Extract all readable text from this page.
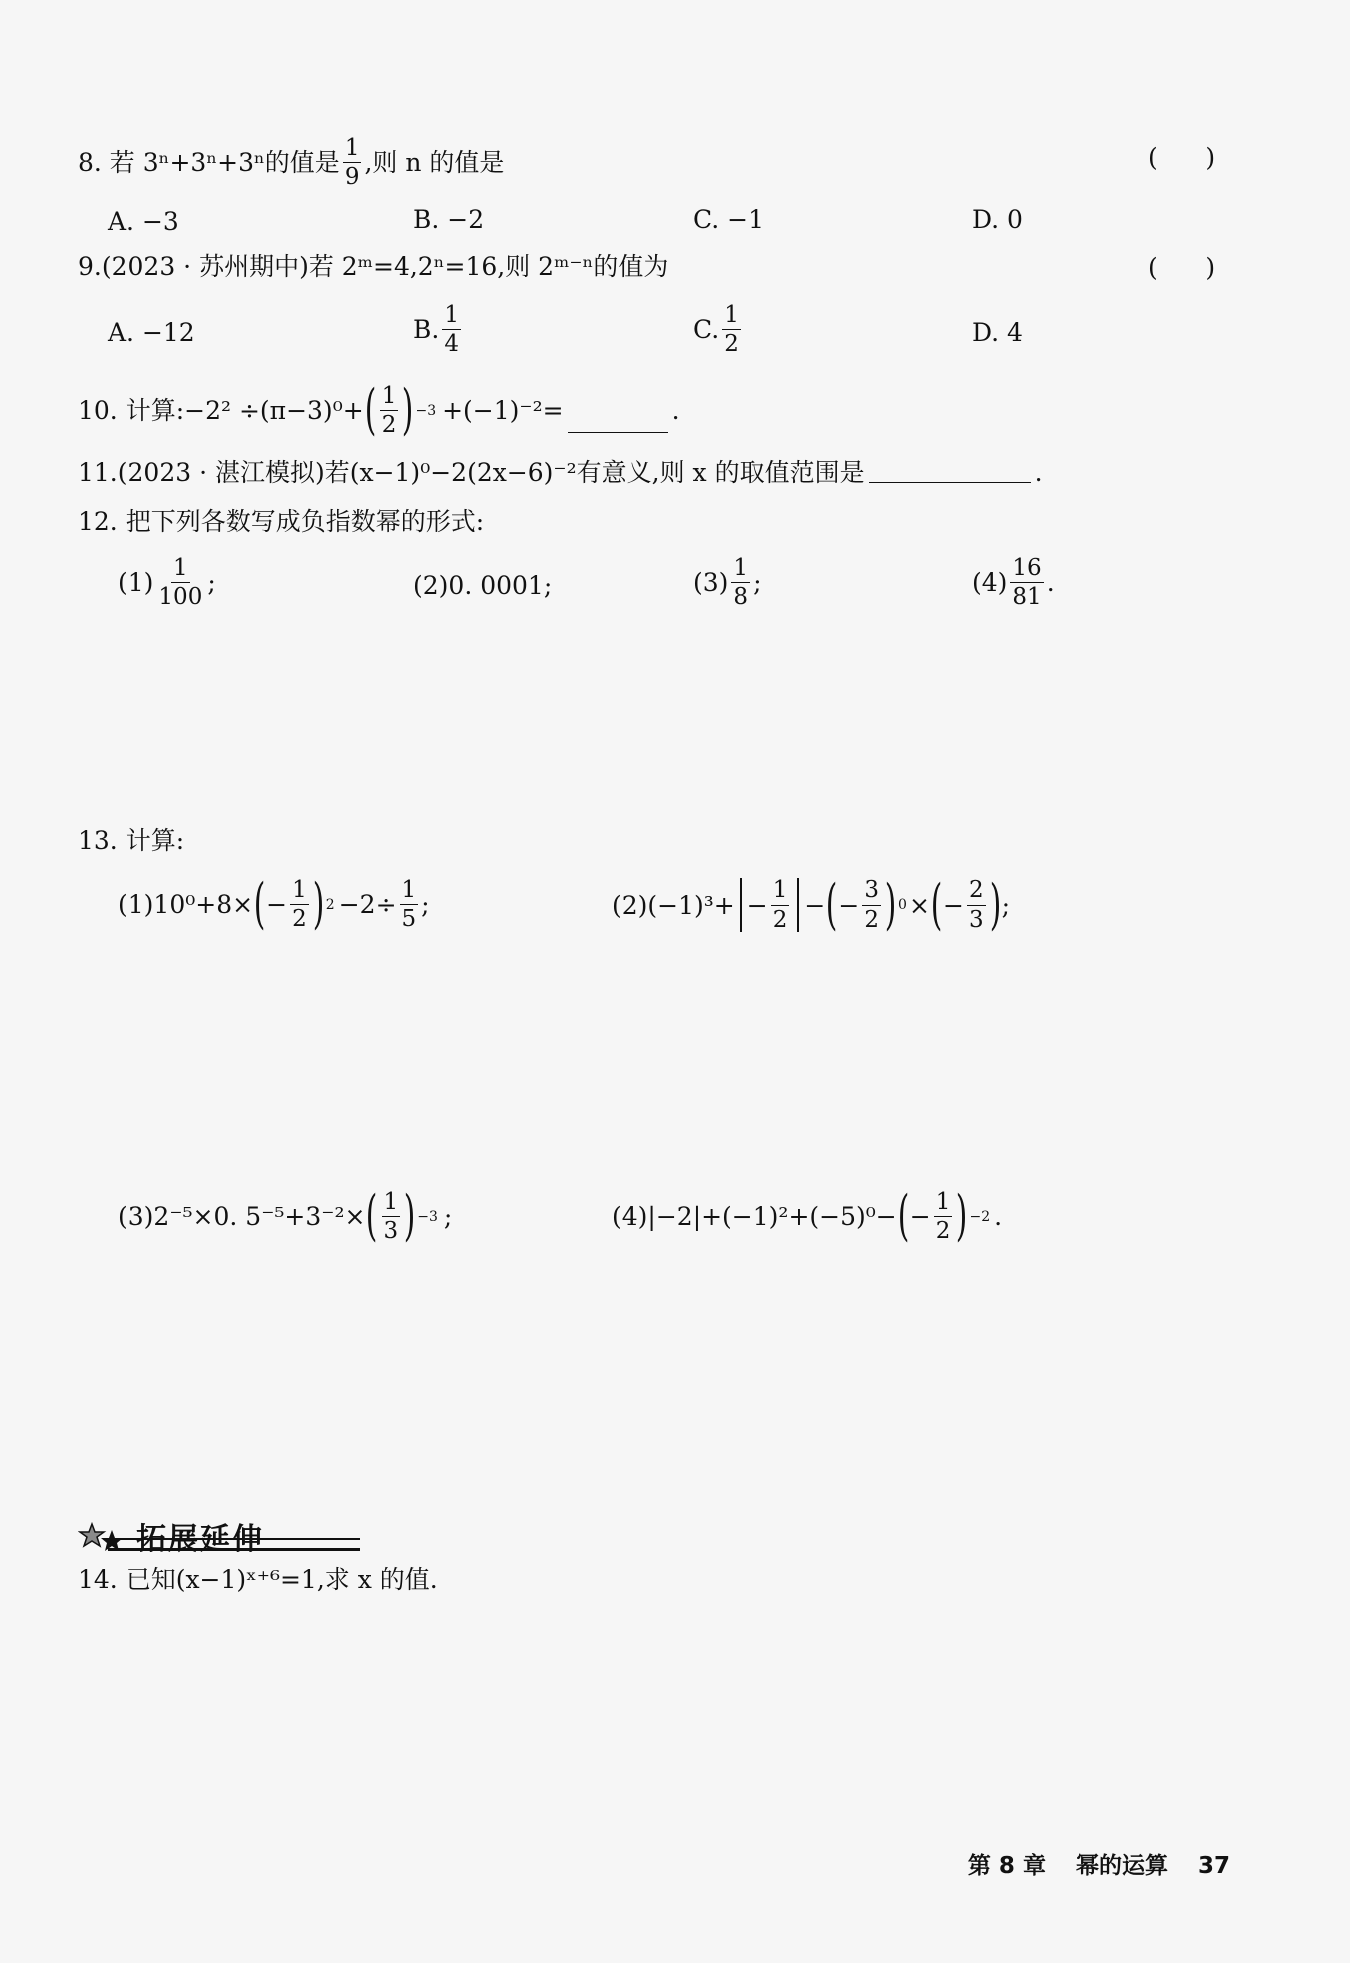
8. 若 3ⁿ+3ⁿ+3ⁿ的值是 $\frac{1}{9}$ ,则 n 的值是	(      )
A. −3	B. −2	C. −1	D. 0
9.(2023 · 苏州期中)若 2ᵐ=4,2ⁿ=16,则 2ᵐ⁻ⁿ的值为	(      )
A. −12	B. $\frac{1}{4}$	C. $\frac{1}{2}$	D. 4
10. 计算:−2² ÷(π−3)⁰+ ( $\frac{1}{2}$ ) −3 +(−1)⁻²=	.
11.(2023 · 湛江模拟)若(x−1)⁰−2(2x−6)⁻²有意义,则 x 的取值范围是	.
12. 把下列各数写成负指数幂的形式:
$(1) \frac{1}{100}$ ;	(2)0. 0001;	$(3) \frac{1}{8}$ ;	$(4) \frac{16}{81}$ .
13. 计算:
(1)10⁰+8× ( − $\frac{1}{2}$ ) $2 -2\div \frac{1}{5}$ ;	$(2)(-1)^3+ - \frac{1}{2}$ − ( − $\frac{3}{2}$ ) 0 × ( − $\frac{2}{3}$ ) ;
(3)2⁻⁵×0. 5⁻⁵+3⁻²× ( $\frac{1}{3}$ ) −3 ;	(4)|−2|+(−1)²+(−5)⁰− ( − $\frac{1}{2}$ ) −2 .
拓展延伸
14. 已知(x−1)ˣ⁺⁶=1,求 x 的值.
第 8 章 幂的运算 37
